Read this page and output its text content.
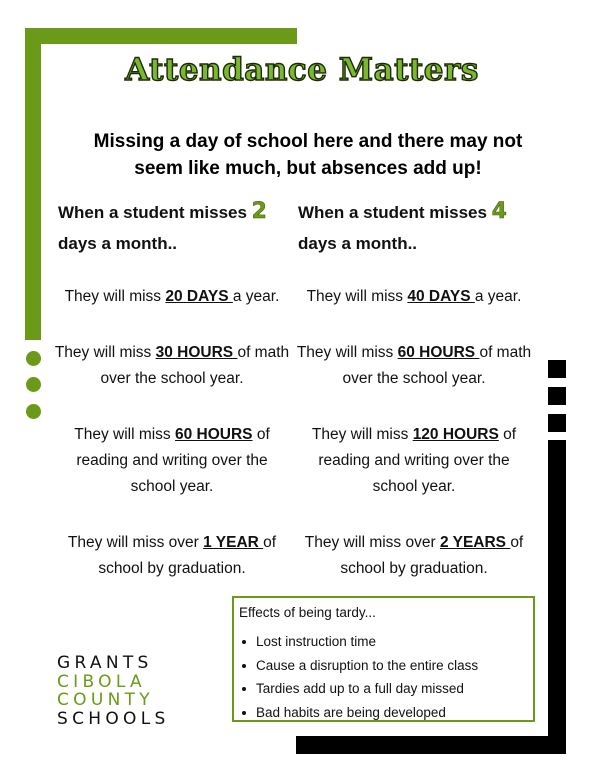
Attendance Matters
Missing a day of school here and there may not seem like much, but absences add up!
When a student misses 2
days a month..
They will miss 20 DAYS a year.
They will miss 30 HOURS of math over the school year.
They will miss 60 HOURS of reading and writing over the school year.
They will miss over 1 YEAR of school by graduation.
When a student misses 4
days a month..
They will miss 40 DAYS a year.
They will miss 60 HOURS of math over the school year.
They will miss 120 HOURS of reading and writing over the school year.
They will miss over 2 YEARS of school by graduation.
GRANTS
CIBOLA
COUNTY
SCHOOLS
Effects of being tardy...
Lost instruction time
Cause a disruption to the entire class
Tardies add up to a full day missed
Bad habits are being developed
